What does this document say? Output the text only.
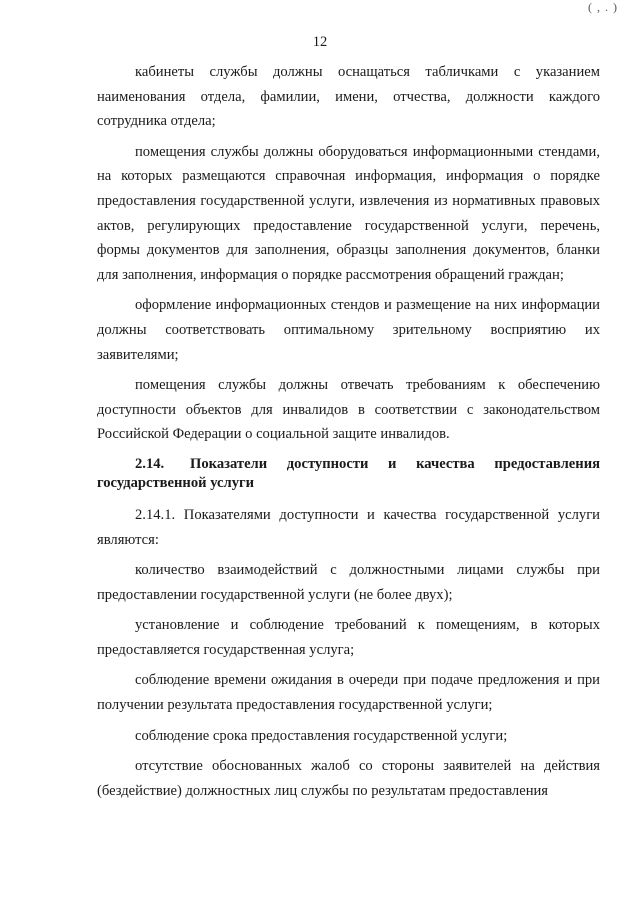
( , . )
12

кабинеты службы должны оснащаться табличками с указанием наименования отдела, фамилии, имени, отчества, должности каждого сотрудника отдела;

помещения службы должны оборудоваться информационными стендами, на которых размещаются справочная информация, информация о порядке предоставления государственной услуги, извлечения из нормативных правовых актов, регулирующих предоставление государственной услуги, перечень, формы документов для заполнения, образцы заполнения документов, бланки для заполнения, информация о порядке рассмотрения обращений граждан;

оформление информационных стендов и размещение на них информации должны соответствовать оптимальному зрительному восприятию их заявителями;

помещения службы должны отвечать требованиям к обеспечению доступности объектов для инвалидов в соответствии с законодательством Российской Федерации о социальной защите инвалидов.

2.14. Показатели доступности и качества предоставления государственной услуги

2.14.1. Показателями доступности и качества государственной услуги являются:

количество взаимодействий с должностными лицами службы при предоставлении государственной услуги (не более двух);

установление и соблюдение требований к помещениям, в которых предоставляется государственная услуга;

соблюдение времени ожидания в очереди при подаче предложения и при получении результата предоставления государственной услуги;

соблюдение срока предоставления государственной услуги;

отсутствие обоснованных жалоб со стороны заявителей на действия (бездействие) должностных лиц службы по результатам предоставления
